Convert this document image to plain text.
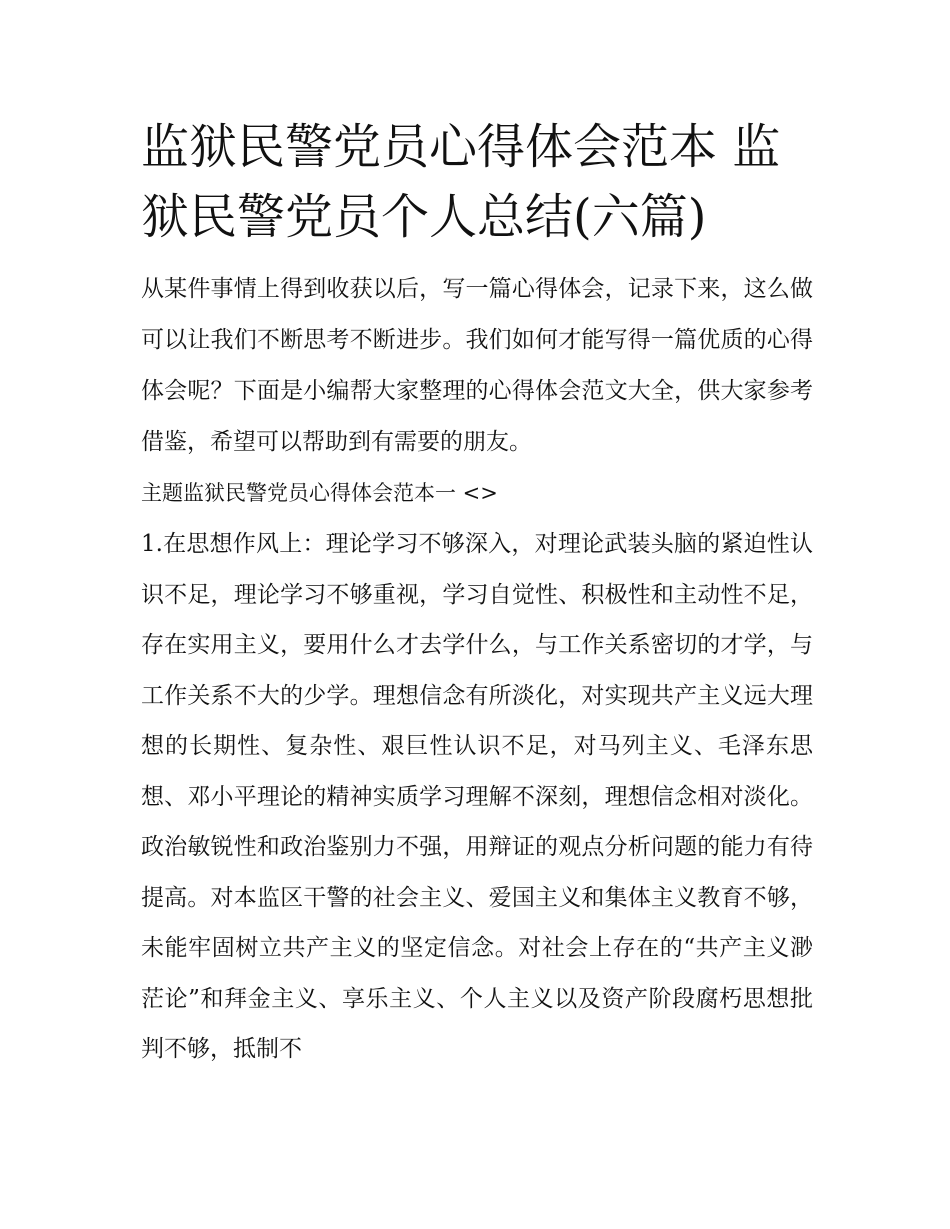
监狱民警党员心得体会范本 监狱民警党员个人总结(六篇)

从某件事情上得到收获以后，写一篇心得体会，记录下来，这么做可以让我们不断思考不断进步。我们如何才能写得一篇优质的心得体会呢？下面是小编帮大家整理的心得体会范文大全，供大家参考借鉴，希望可以帮助到有需要的朋友。

主题监狱民警党员心得体会范本一 <>

1.在思想作风上：理论学习不够深入，对理论武装头脑的紧迫性认识不足，理论学习不够重视，学习自觉性、积极性和主动性不足，存在实用主义，要用什么才去学什么，与工作关系密切的才学，与工作关系不大的少学。理想信念有所淡化，对实现共产主义远大理想的长期性、复杂性、艰巨性认识不足，对马列主义、毛泽东思想、邓小平理论的精神实质学习理解不深刻，理想信念相对淡化。政治敏锐性和政治鉴别力不强，用辩证的观点分析问题的能力有待提高。对本监区干警的社会主义、爱国主义和集体主义教育不够，未能牢固树立共产主义的坚定信念。对社会上存在的“共产主义渺茫论”和拜金主义、享乐主义、个人主义以及资产阶段腐朽思想批判不够，抵制不
